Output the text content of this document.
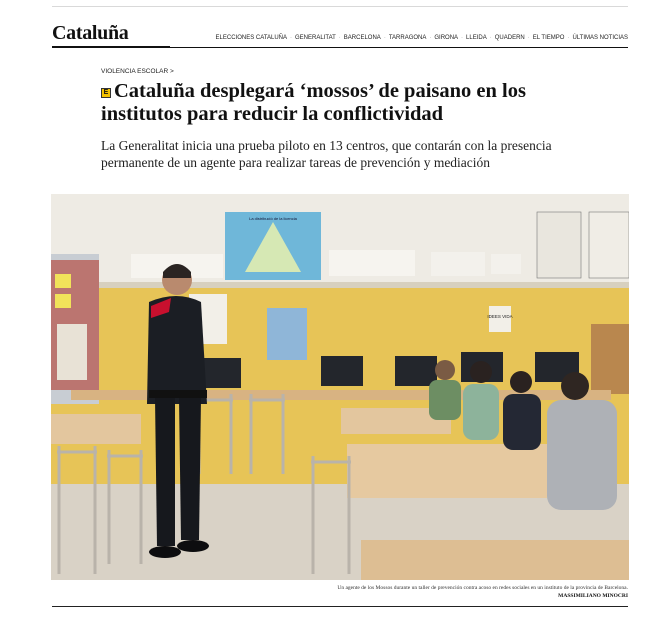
Cataluña	ELECCIONES CATALUÑA · GENERALITAT · BARCELONA · TARRAGONA · GIRONA · LLEIDA · QUADERN · EL TIEMPO · ÚLTIMAS NOTICIAS
VIOLENCIA ESCOLAR >
E Cataluña desplegará ‘mossos’ de paisano en los institutos para reducir la conflictividad

La Generalitat inicia una prueba piloto en 13 centros, que contarán con la presencia permanente de un agente para realizar tareas de prevención y mediación

La distribució de la licencia
IDEES VIDA
Un agente de los Mossos durante un taller de prevención contra acoso en redes sociales en un instituto de la provincia de Barcelona.
MASSIMILIANO MINOCRI
